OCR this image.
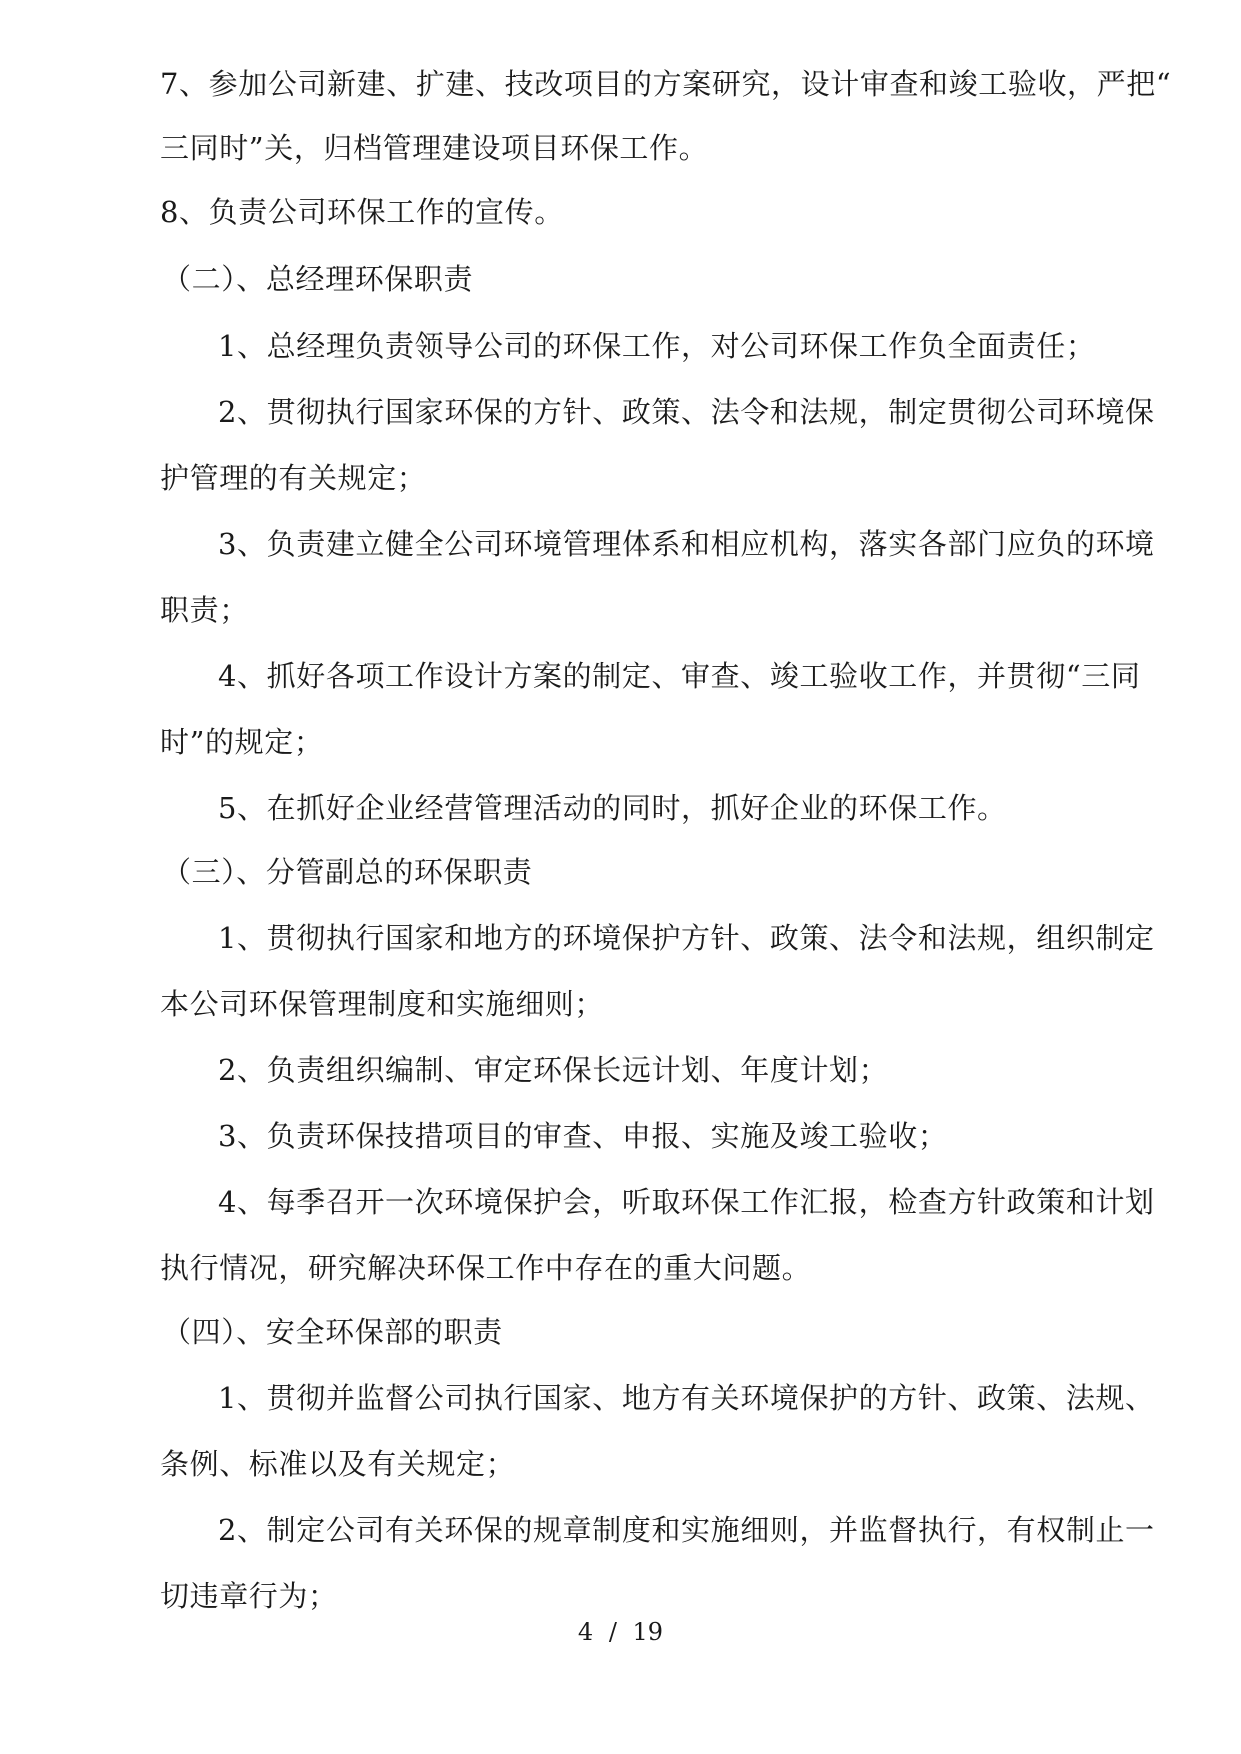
7、参加公司新建、扩建、技改项目的方案研究，设计审查和竣工验收，严把“
三同时”关，归档管理建设项目环保工作。
8、负责公司环保工作的宣传。
（二）、总经理环保职责
1、总经理负责领导公司的环保工作，对公司环保工作负全面责任；
2、贯彻执行国家环保的方针、政策、法令和法规，制定贯彻公司环境保
护管理的有关规定；
3、负责建立健全公司环境管理体系和相应机构，落实各部门应负的环境
职责；
4、抓好各项工作设计方案的制定、审查、竣工验收工作，并贯彻“三同
时”的规定；
5、在抓好企业经营管理活动的同时，抓好企业的环保工作。
（三）、分管副总的环保职责
1、贯彻执行国家和地方的环境保护方针、政策、法令和法规，组织制定
本公司环保管理制度和实施细则；
2、负责组织编制、审定环保长远计划、年度计划；
3、负责环保技措项目的审查、申报、实施及竣工验收；
4、每季召开一次环境保护会，听取环保工作汇报，检查方针政策和计划
执行情况，研究解决环保工作中存在的重大问题。
（四）、安全环保部的职责
1、贯彻并监督公司执行国家、地方有关环境保护的方针、政策、法规、
条例、标准以及有关规定；
2、制定公司有关环保的规章制度和实施细则，并监督执行，有权制止一
切违章行为；
4 / 19
